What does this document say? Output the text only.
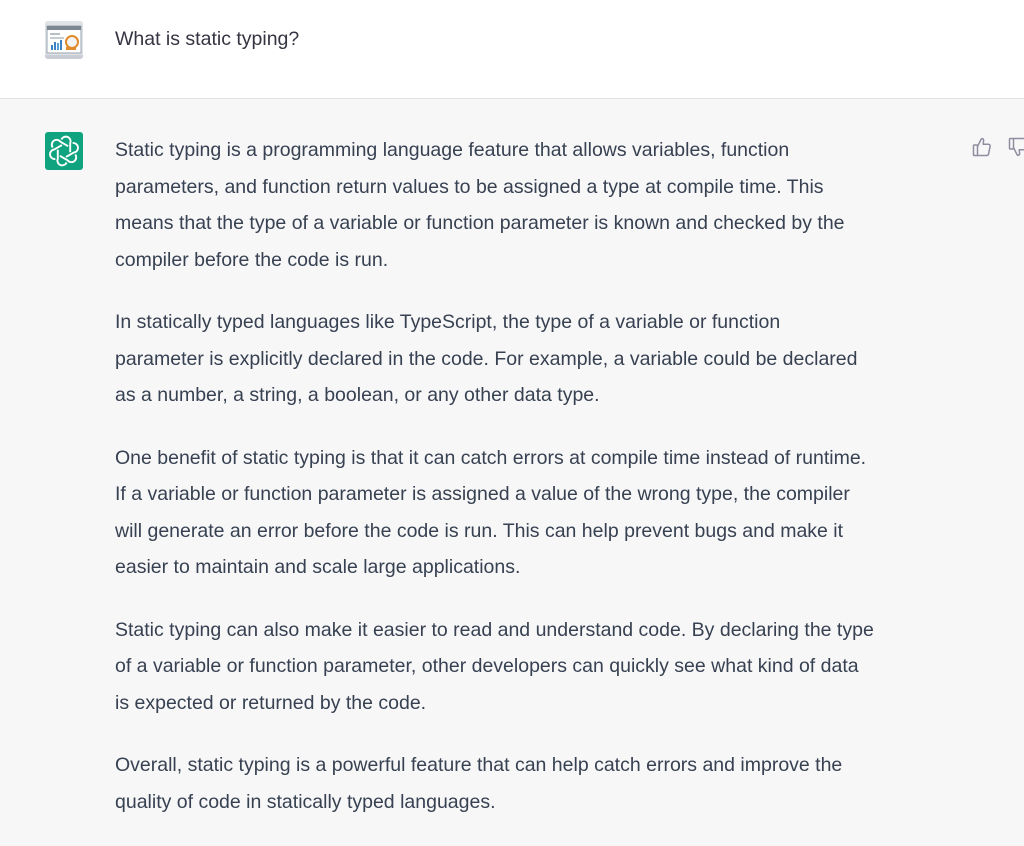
What is static typing?

Static typing is a programming language feature that allows variables, function
parameters, and function return values to be assigned a type at compile time. This
means that the type of a variable or function parameter is known and checked by the
compiler before the code is run.

In statically typed languages like TypeScript, the type of a variable or function
parameter is explicitly declared in the code. For example, a variable could be declared
as a number, a string, a boolean, or any other data type.

One benefit of static typing is that it can catch errors at compile time instead of runtime.
If a variable or function parameter is assigned a value of the wrong type, the compiler
will generate an error before the code is run. This can help prevent bugs and make it
easier to maintain and scale large applications.

Static typing can also make it easier to read and understand code. By declaring the type
of a variable or function parameter, other developers can quickly see what kind of data
is expected or returned by the code.

Overall, static typing is a powerful feature that can help catch errors and improve the
quality of code in statically typed languages.
